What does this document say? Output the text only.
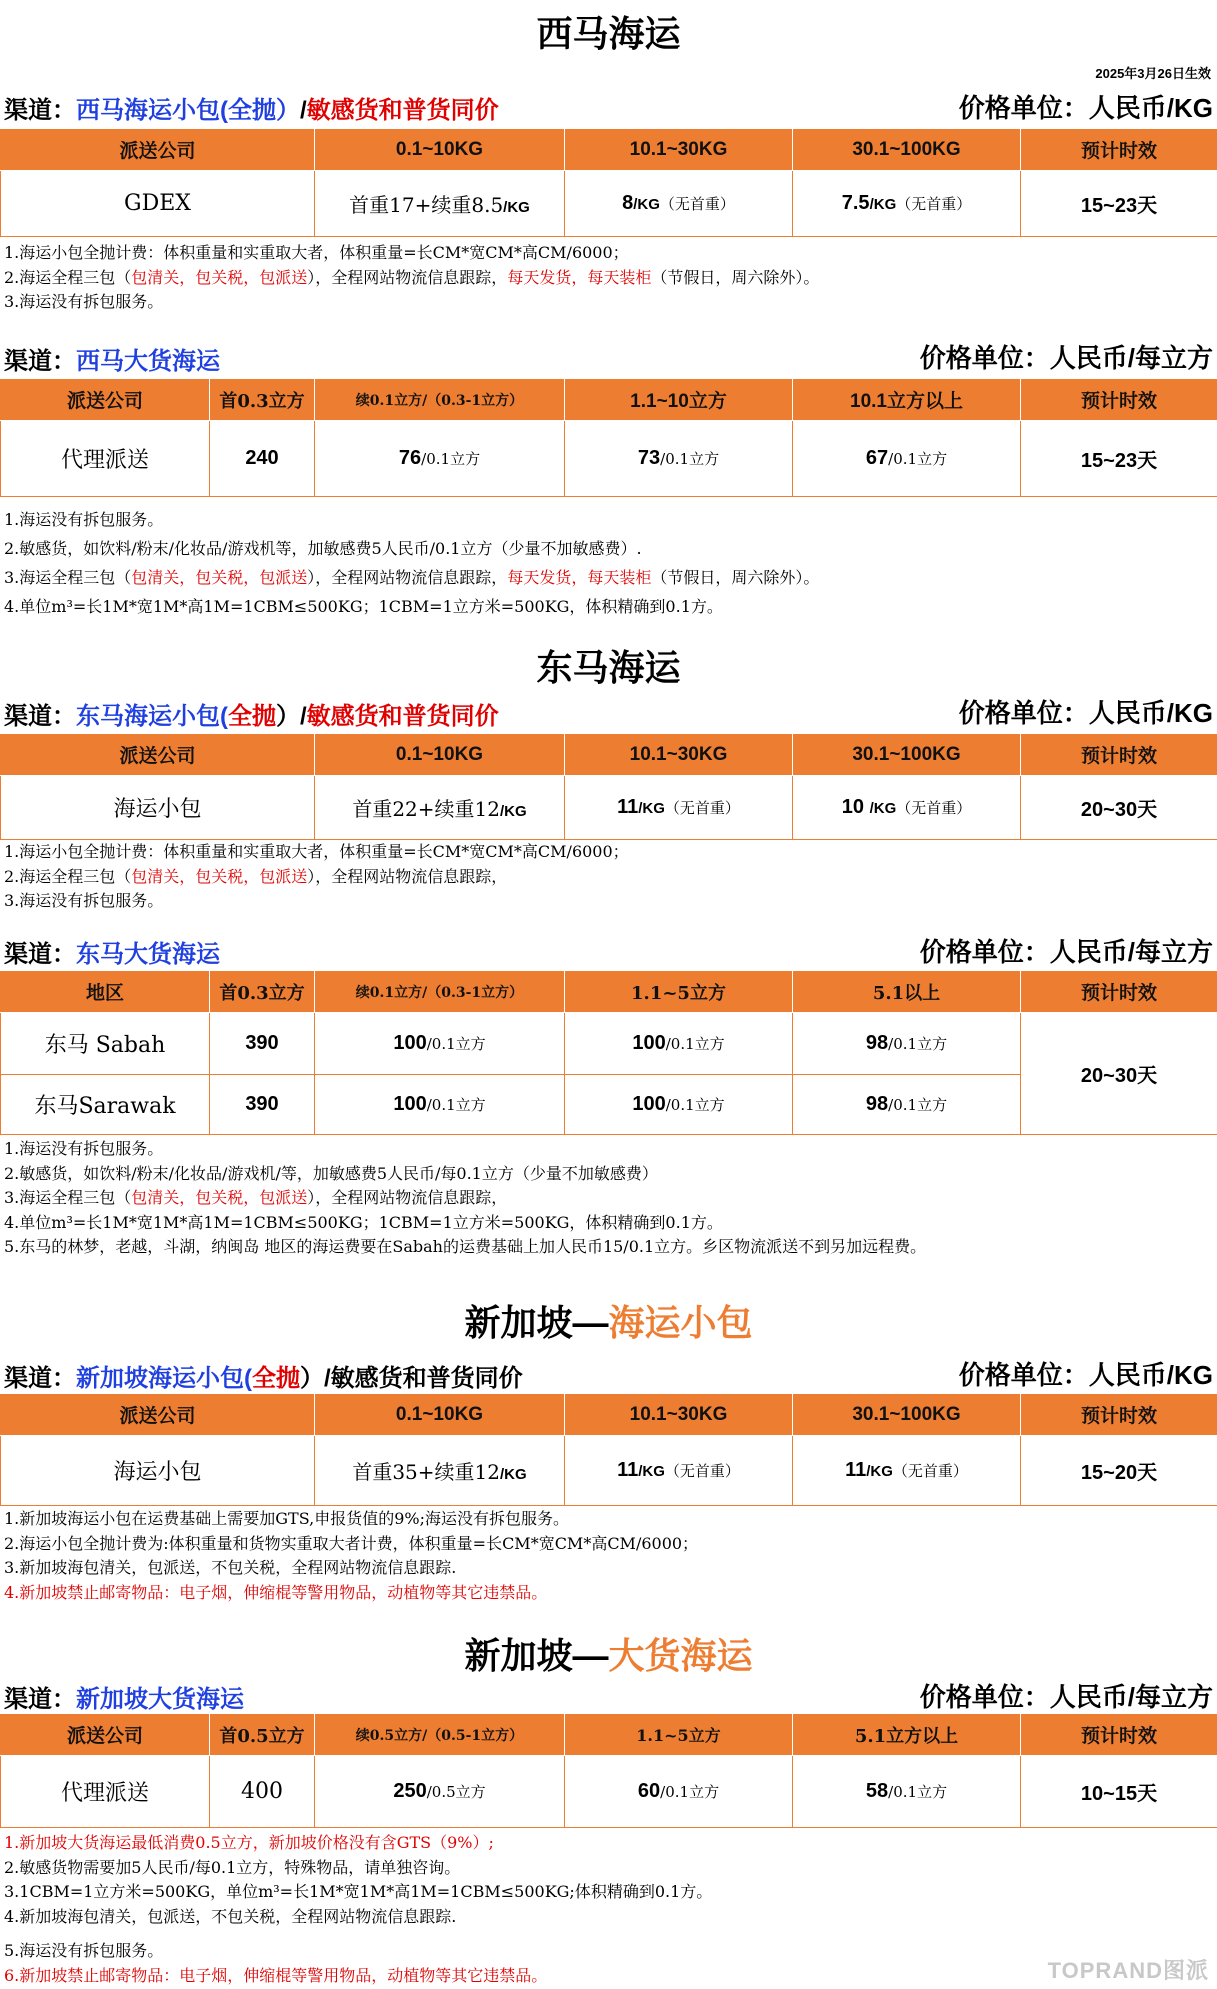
西马海运
2025年3月26日生效
渠道：西马海运小包(全抛）/敏感货和普货同价	价格单位：人民币/KG
派送公司	0.1~10KG	10.1~30KG	30.1~100KG	预计时效
GDEX	首重17+续重8.5/KG	8/KG（无首重）	7.5/KG（无首重）	15~23天
1.海运小包全抛计费：体积重量和实重取大者，体积重量=长CM*宽CM*高CM/6000；
2.海运全程三包（包清关，包关税，包派送），全程网站物流信息跟踪，每天发货，每天装柜（节假日，周六除外）。
3.海运没有拆包服务。
渠道：西马大货海运	价格单位：人民币/每立方
派送公司	首0.3立方	续0.1立方/（0.3-1立方）	1.1~10立方	10.1立方以上	预计时效
代理派送	240	76/0.1立方	73/0.1立方	67/0.1立方	15~23天
1.海运没有拆包服务。
2.敏感货，如饮料/粉末/化妆品/游戏机等，加敏感费5人民币/0.1立方（少量不加敏感费）.
3.海运全程三包（包清关，包关税，包派送），全程网站物流信息跟踪，每天发货，每天装柜（节假日，周六除外）。
4.单位m³=长1M*宽1M*高1M=1CBM≤500KG；1CBM=1立方米=500KG，体积精确到0.1方。
东马海运
渠道：东马海运小包(全抛）/敏感货和普货同价	价格单位：人民币/KG
派送公司	0.1~10KG	10.1~30KG	30.1~100KG	预计时效
海运小包	首重22+续重12/KG	11/KG（无首重）	10 /KG（无首重）	20~30天
1.海运小包全抛计费：体积重量和实重取大者，体积重量=长CM*宽CM*高CM/6000；
2.海运全程三包（包清关，包关税，包派送），全程网站物流信息跟踪，
3.海运没有拆包服务。
渠道：东马大货海运	价格单位：人民币/每立方
地区	首0.3立方	续0.1立方/（0.3-1立方）	1.1~5立方	5.1以上	预计时效
东马 Sabah	390	100/0.1立方	100/0.1立方	98/0.1立方	20~30天
东马Sarawak	390	100/0.1立方	100/0.1立方	98/0.1立方	
1.海运没有拆包服务。
2.敏感货，如饮料/粉末/化妆品/游戏机/等，加敏感费5人民币/每0.1立方（少量不加敏感费）
3.海运全程三包（包清关，包关税，包派送），全程网站物流信息跟踪，
4.单位m³=长1M*宽1M*高1M=1CBM≤500KG；1CBM=1立方米=500KG，体积精确到0.1方。
5.东马的林梦，老越，斗湖，纳闽岛 地区的海运费要在Sabah的运费基础上加人民币15/0.1立方。乡区物流派送不到另加远程费。
新加坡—海运小包
渠道：新加坡海运小包(全抛）/敏感货和普货同价	价格单位：人民币/KG
派送公司	0.1~10KG	10.1~30KG	30.1~100KG	预计时效
海运小包	首重35+续重12/KG	11/KG（无首重）	11/KG（无首重）	15~20天
1.新加坡海运小包在运费基础上需要加GTS,申报货值的9%;海运没有拆包服务。
2.海运小包全抛计费为:体积重量和货物实重取大者计费，体积重量=长CM*宽CM*高CM/6000；
3.新加坡海包清关，包派送，不包关税，全程网站物流信息跟踪.
4.新加坡禁止邮寄物品：电子烟，伸缩棍等警用物品，动植物等其它违禁品。
新加坡—大货海运
渠道：新加坡大货海运	价格单位：人民币/每立方
派送公司	首0.5立方	续0.5立方/（0.5-1立方）	1.1~5立方	5.1立方以上	预计时效
代理派送	400	250/0.5立方	60/0.1立方	58/0.1立方	10~15天
1.新加坡大货海运最低消费0.5立方，新加坡价格没有含GTS（9%）;
2.敏感货物需要加5人民币/每0.1立方，特殊物品，请单独咨询。
3.1CBM=1立方米=500KG，单位m³=长1M*宽1M*高1M=1CBM≤500KG;体积精确到0.1方。
4.新加坡海包清关，包派送，不包关税，全程网站物流信息跟踪.
5.海运没有拆包服务。
6.新加坡禁止邮寄物品：电子烟，伸缩棍等警用物品，动植物等其它违禁品。	TOPRAND图派
